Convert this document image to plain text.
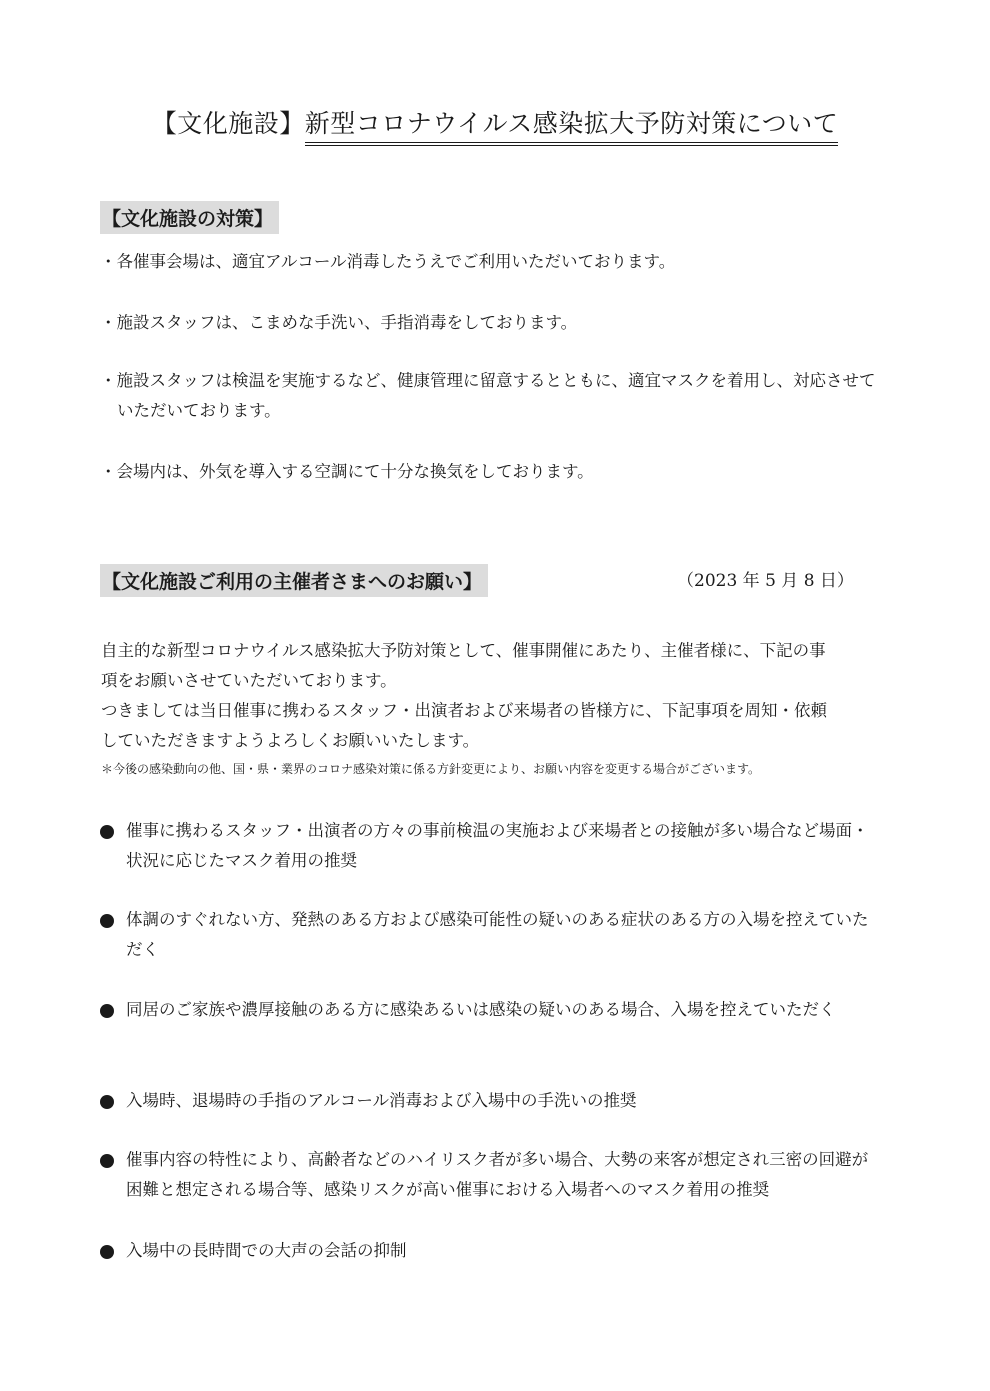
【文化施設】新型コロナウイルス感染拡大予防対策について
【文化施設の対策】
・各催事会場は、適宜アルコール消毒したうえでご利用いただいております。
・施設スタッフは、こまめな手洗い、手指消毒をしております。
・施設スタッフは検温を実施するなど、健康管理に留意するとともに、適宜マスクを着用し、対応させていただいております。
・会場内は、外気を導入する空調にて十分な換気をしております。
【文化施設ご利用の主催者さまへのお願い】	（2023 年 5 月 8 日）
自主的な新型コロナウイルス感染拡大予防対策として、催事開催にあたり、主催者様に、下記の事
項をお願いさせていただいております。
つきましては当日催事に携わるスタッフ・出演者および来場者の皆様方に、下記事項を周知・依頼
していただきますようよろしくお願いいたします。
＊今後の感染動向の他、国・県・業界のコロナ感染対策に係る方針変更により、お願い内容を変更する場合がございます。
催事に携わるスタッフ・出演者の方々の事前検温の実施および来場者との接触が多い場合など場面・状況に応じたマスク着用の推奨
体調のすぐれない方、発熱のある方および感染可能性の疑いのある症状のある方の入場を控えていただく
同居のご家族や濃厚接触のある方に感染あるいは感染の疑いのある場合、入場を控えていただく
入場時、退場時の手指のアルコール消毒および入場中の手洗いの推奨
催事内容の特性により、高齢者などのハイリスク者が多い場合、大勢の来客が想定され三密の回避が困難と想定される場合等、感染リスクが高い催事における入場者へのマスク着用の推奨
入場中の長時間での大声の会話の抑制
